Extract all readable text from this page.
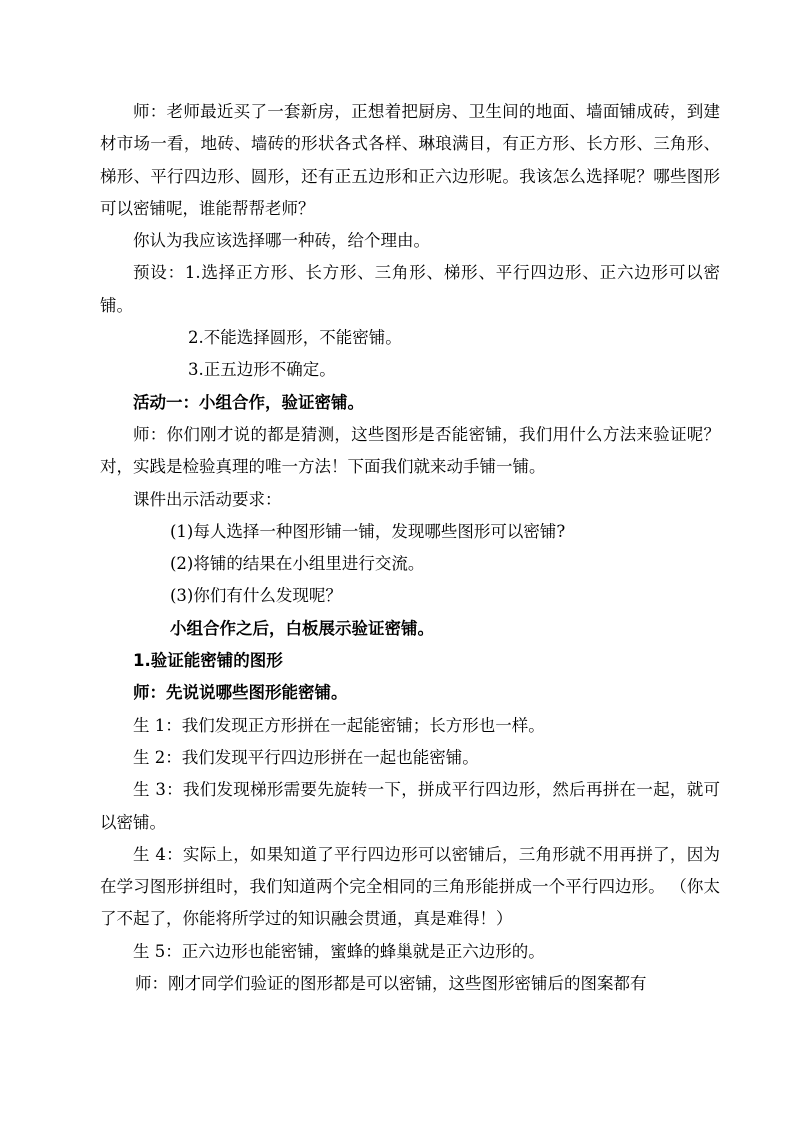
师：老师最近买了一套新房，正想着把厨房、卫生间的地面、墙面铺成砖，到建材市场一看，地砖、墙砖的形状各式各样、琳琅满目，有正方形、长方形、三角形、梯形、平行四边形、圆形，还有正五边形和正六边形呢。我该怎么选择呢？哪些图形可以密铺呢，谁能帮帮老师？

你认为我应该选择哪一种砖，给个理由。

预设：1.选择正方形、长方形、三角形、梯形、平行四边形、正六边形可以密铺。

2.不能选择圆形，不能密铺。

3.正五边形不确定。

活动一：小组合作，验证密铺。

师：你们刚才说的都是猜测，这些图形是否能密铺，我们用什么方法来验证呢？对，实践是检验真理的唯一方法！下面我们就来动手铺一铺。

课件出示活动要求：

(1)每人选择一种图形铺一铺，发现哪些图形可以密铺?

(2)将铺的结果在小组里进行交流。

(3)你们有什么发现呢？

小组合作之后，白板展示验证密铺。

1.验证能密铺的图形

师：先说说哪些图形能密铺。

生 1：我们发现正方形拼在一起能密铺；长方形也一样。

生 2：我们发现平行四边形拼在一起也能密铺。

生 3：我们发现梯形需要先旋转一下，拼成平行四边形，然后再拼在一起，就可以密铺。

生 4：实际上，如果知道了平行四边形可以密铺后，三角形就不用再拼了，因为在学习图形拼组时，我们知道两个完全相同的三角形能拼成一个平行四边形。 （你太了不起了，你能将所学过的知识融会贯通，真是难得！）

生 5：正六边形也能密铺，蜜蜂的蜂巢就是正六边形的。

师：刚才同学们验证的图形都是可以密铺，这些图形密铺后的图案都有
